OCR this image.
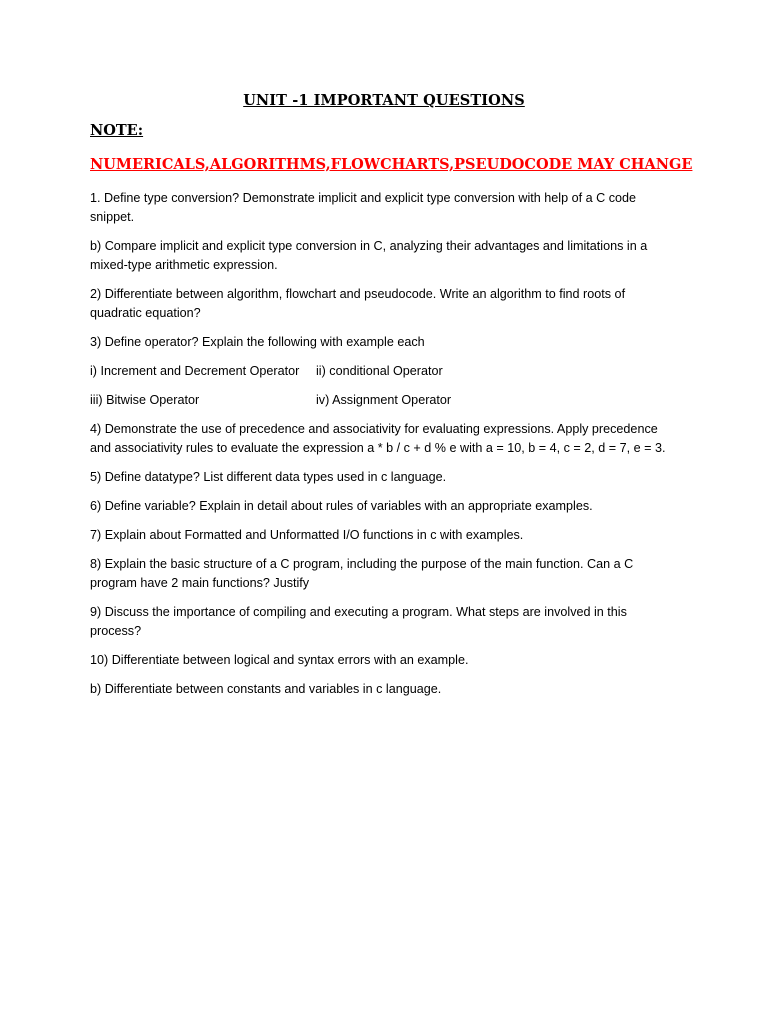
UNIT -1 IMPORTANT QUESTIONS

NOTE:

NUMERICALS,ALGORITHMS,FLOWCHARTS,PSEUDOCODE MAY CHANGE

1. Define type conversion? Demonstrate implicit and explicit type conversion with help of a C code snippet.

b) Compare implicit and explicit type conversion in C, analyzing their advantages and limitations in a mixed-type arithmetic expression.

2) Differentiate between algorithm, flowchart and pseudocode. Write an algorithm to find roots of quadratic equation?

3) Define operator? Explain the following with example each

i) Increment and Decrement Operator	ii) conditional Operator
iii) Bitwise Operator	iv) Assignment Operator

4) Demonstrate the use of precedence and associativity for evaluating expressions. Apply precedence and associativity rules to evaluate the expression a * b / c + d % e with a = 10, b = 4, c = 2, d = 7, e = 3.

5) Define datatype? List different data types used in c language.

6) Define variable? Explain in detail about rules of variables with an appropriate examples.

7) Explain about Formatted and Unformatted I/O functions in c with examples.

8) Explain the basic structure of a C program, including the purpose of the main function. Can a C program have 2 main functions? Justify

9) Discuss the importance of compiling and executing a program. What steps are involved in this process?

10) Differentiate between logical and syntax errors with an example.

b) Differentiate between constants and variables in c language.
